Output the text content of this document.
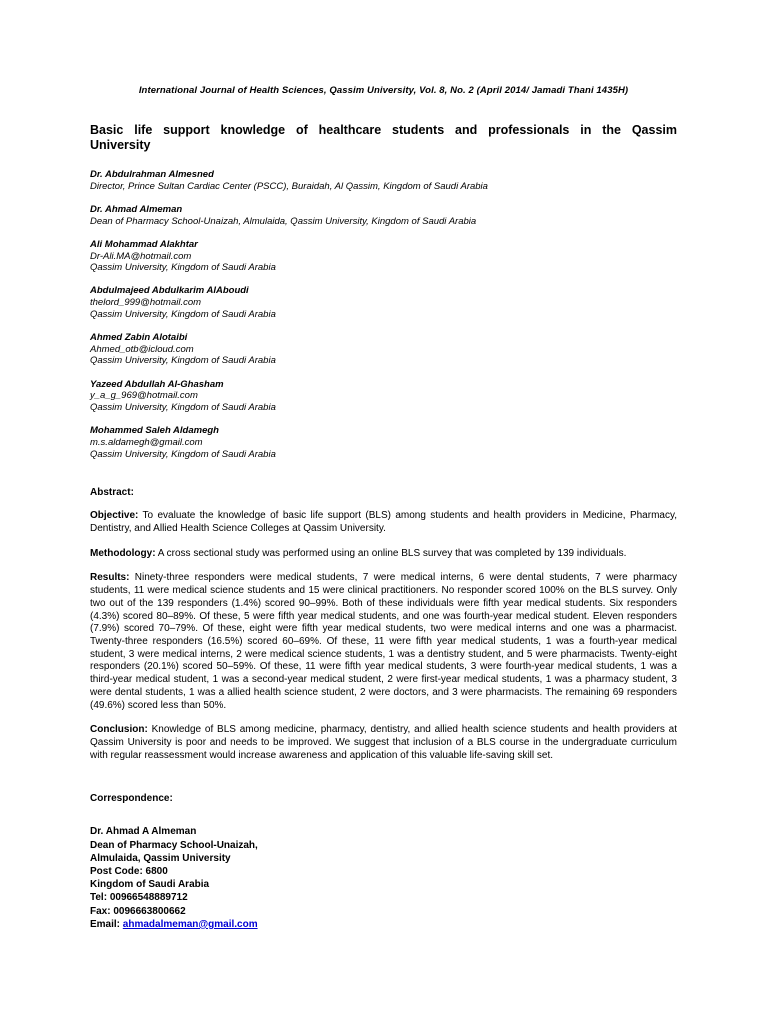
International Journal of Health Sciences, Qassim University, Vol. 8, No. 2 (April 2014/ Jamadi Thani 1435H)
Basic life support knowledge of healthcare students and professionals in the Qassim University
Dr. Abdulrahman Almesned
Director, Prince Sultan Cardiac Center (PSCC), Buraidah, Al Qassim, Kingdom of Saudi Arabia
Dr. Ahmad Almeman
Dean of Pharmacy School-Unaizah, Almulaida, Qassim University, Kingdom of Saudi Arabia
Ali Mohammad Alakhtar
Dr-Ali.MA@hotmail.com
Qassim University, Kingdom of Saudi Arabia
Abdulmajeed Abdulkarim AlAboudi
thelord_999@hotmail.com
Qassim University, Kingdom of Saudi Arabia
Ahmed Zabin Alotaibi
Ahmed_otb@icloud.com
Qassim University, Kingdom of Saudi Arabia
Yazeed Abdullah Al-Ghasham
y_a_g_969@hotmail.com
Qassim University, Kingdom of Saudi Arabia
Mohammed Saleh Aldamegh
m.s.aldamegh@gmail.com
Qassim University, Kingdom of Saudi Arabia
Abstract:

Objective: To evaluate the knowledge of basic life support (BLS) among students and health providers in Medicine, Pharmacy, Dentistry, and Allied Health Science Colleges at Qassim University.

Methodology: A cross sectional study was performed using an online BLS survey that was completed by 139 individuals.

Results: Ninety-three responders were medical students, 7 were medical interns, 6 were dental students, 7 were pharmacy students, 11 were medical science students and 15 were clinical practitioners. No responder scored 100% on the BLS survey. Only two out of the 139 responders (1.4%) scored 90–99%. Both of these individuals were fifth year medical students. Six responders (4.3%) scored 80–89%. Of these, 5 were fifth year medical students, and one was fourth-year medical student. Eleven responders (7.9%) scored 70–79%. Of these, eight were fifth year medical students, two were medical interns and one was a pharmacist. Twenty-three responders (16.5%) scored 60–69%. Of these, 11 were fifth year medical students, 1 was a fourth-year medical student, 3 were medical interns, 2 were medical science students, 1 was a dentistry student, and 5 were pharmacists. Twenty-eight responders (20.1%) scored 50–59%. Of these, 11 were fifth year medical students, 3 were fourth-year medical students, 1 was a third-year medical student, 1 was a second-year medical student, 2 were first-year medical students, 1 was a pharmacy student, 3 were dental students, 1 was a allied health science student, 2 were doctors, and 3 were pharmacists. The remaining 69 responders (49.6%) scored less than 50%.

Conclusion: Knowledge of BLS among medicine, pharmacy, dentistry, and allied health science students and health providers at Qassim University is poor and needs to be improved. We suggest that inclusion of a BLS course in the undergraduate curriculum with regular reassessment would increase awareness and application of this valuable life-saving skill set.

Correspondence:
Dr. Ahmad A Almeman
Dean of Pharmacy School-Unaizah,
Almulaida, Qassim University
Post Code: 6800
Kingdom of Saudi Arabia
Tel: 00966548889712
Fax: 0096663800662
Email: ahmadalmeman@gmail.com
